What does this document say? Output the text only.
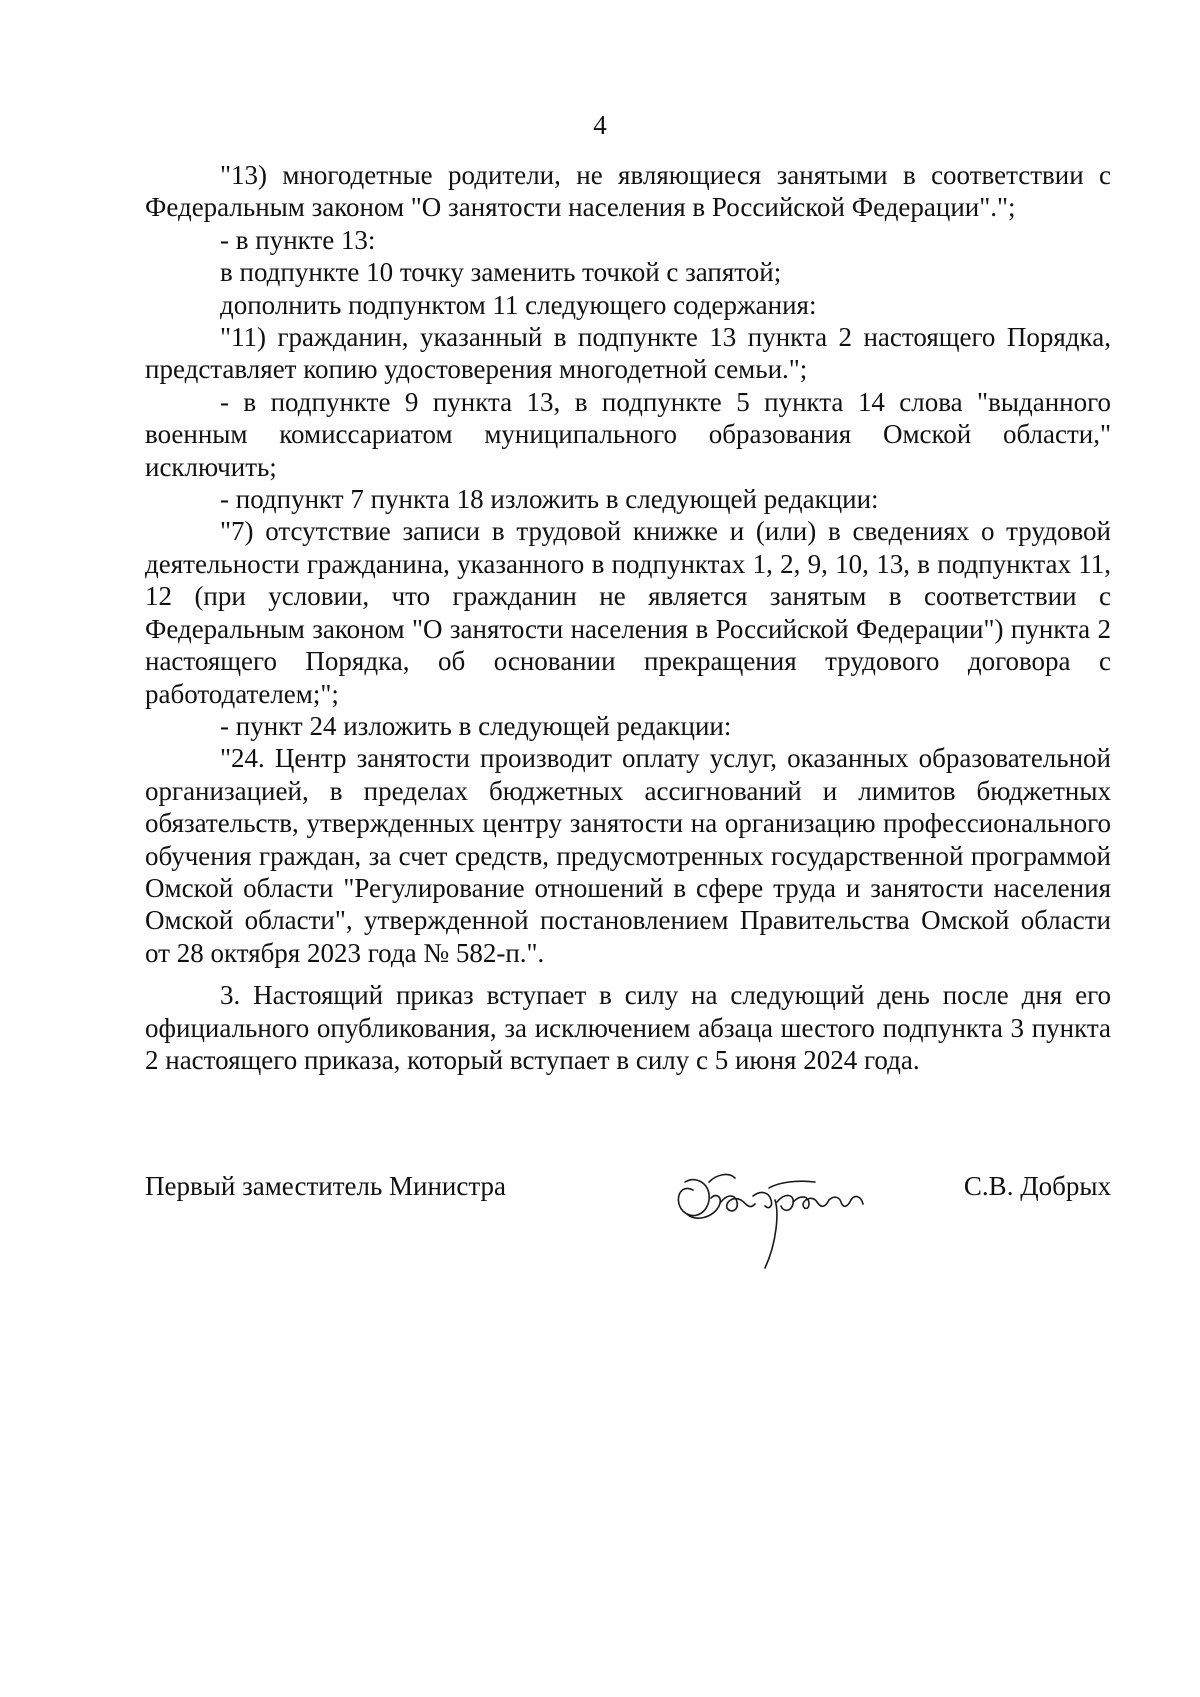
4

"13) многодетные родители, не являющиеся занятыми в соответствии с Федеральным законом "О занятости населения в Российской Федерации".";

- в пункте 13:

в подпункте 10 точку заменить точкой с запятой;

дополнить подпунктом 11 следующего содержания:

"11) гражданин, указанный в подпункте 13 пункта 2 настоящего Порядка, представляет копию удостоверения многодетной семьи.";

- в подпункте 9 пункта 13, в подпункте 5 пункта 14 слова "выданного военным комиссариатом муниципального образования Омской области," исключить;

- подпункт 7 пункта 18 изложить в следующей редакции:

"7) отсутствие записи в трудовой книжке и (или) в сведениях о трудовой деятельности гражданина, указанного в подпунктах 1, 2, 9, 10, 13, в подпунктах 11, 12 (при условии, что гражданин не является занятым в соответствии с Федеральным законом "О занятости населения в Российской Федерации") пункта 2 настоящего Порядка, об основании прекращения трудового договора с работодателем;";

- пункт 24 изложить в следующей редакции:

"24. Центр занятости производит оплату услуг, оказанных образовательной организацией, в пределах бюджетных ассигнований и лимитов бюджетных обязательств, утвержденных центру занятости на организацию профессионального обучения граждан, за счет средств, предусмотренных государственной программой Омской области "Регулирование отношений в сфере труда и занятости населения Омской области", утвержденной постановлением Правительства Омской области от 28 октября 2023 года № 582-п.".

3. Настоящий приказ вступает в силу на следующий день после дня его официального опубликования, за исключением абзаца шестого подпункта 3 пункта 2 настоящего приказа, который вступает в силу с 5 июня 2024 года.

Первый заместитель Министра	С.В. Добрых
